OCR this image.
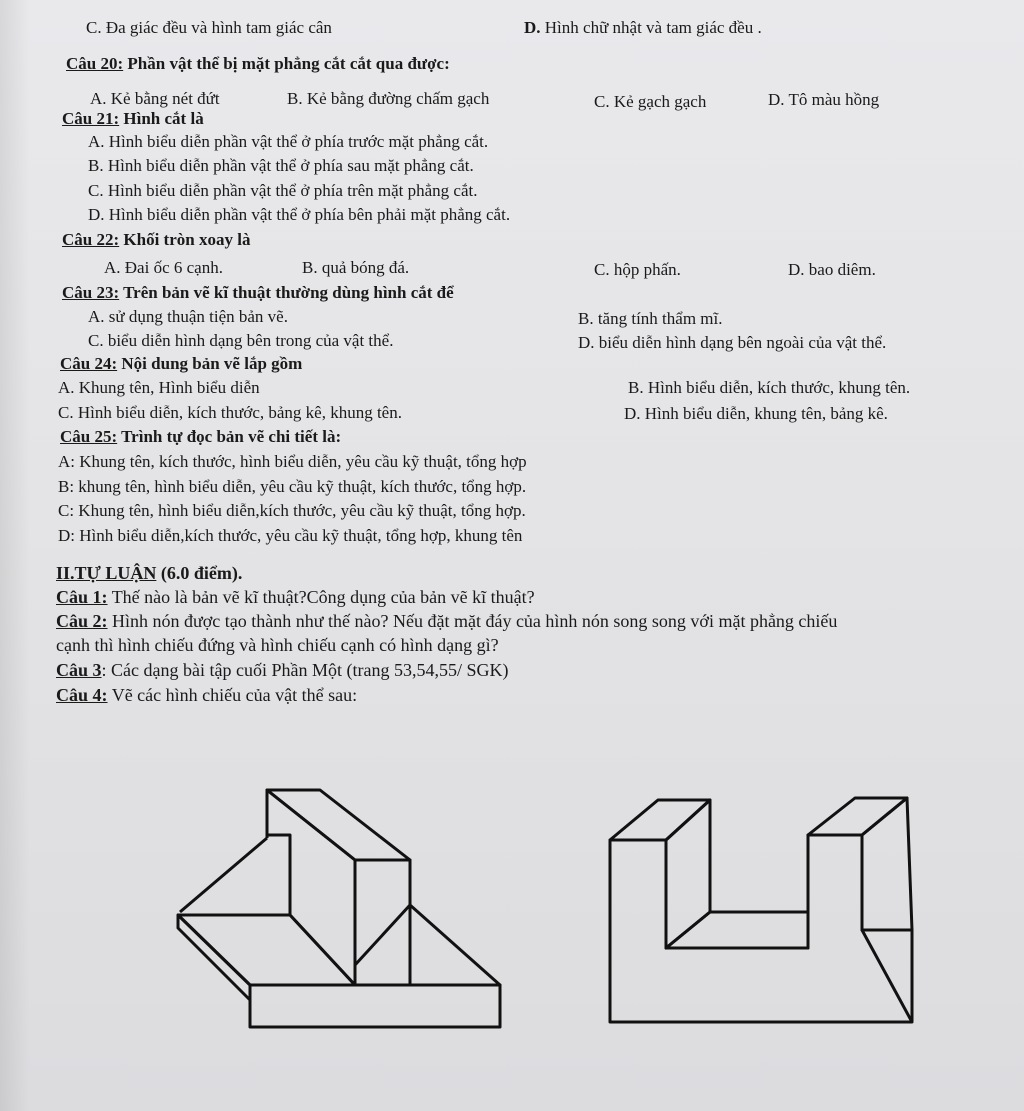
C. Đa giác đều và hình tam giác cân	D. Hình chữ nhật và tam giác đều .
Câu 20: Phần vật thể bị mặt phẳng cắt cắt qua được:
A. Kẻ bằng nét đứt	B. Kẻ bằng đường chấm gạch	C. Kẻ gạch gạch	D. Tô màu hồng
Câu 21: Hình cắt là
A. Hình biểu diễn phần vật thể ở phía trước mặt phẳng cắt.
B. Hình biểu diễn phần vật thể ở phía sau mặt phẳng cắt.
C. Hình biểu diễn phần vật thể ở phía trên mặt phẳng cắt.
D. Hình biểu diễn phần vật thể ở phía bên phải mặt phẳng cắt.
Câu 22: Khối tròn xoay là
A. Đai ốc 6 cạnh.	B. quả bóng đá.	C. hộp phấn.	D. bao diêm.
Câu 23: Trên bản vẽ kĩ thuật thường dùng hình cắt để
A. sử dụng thuận tiện bản vẽ.	B. tăng tính thẩm mĩ.
C. biểu diễn hình dạng bên trong của vật thể.	D. biểu diễn hình dạng bên ngoài của vật thể.
Câu 24: Nội dung bản vẽ lắp gồm
A. Khung tên, Hình biểu diễn	B. Hình biểu diễn, kích thước, khung tên.
C. Hình biểu diễn, kích thước, bảng kê, khung tên.	D. Hình biểu diễn, khung tên, bảng kê.
Câu 25: Trình tự đọc bản vẽ chi tiết là:
A: Khung tên, kích thước, hình biểu diễn, yêu cầu kỹ thuật, tổng hợp
B: khung tên, hình biểu diễn, yêu cầu kỹ thuật, kích thước, tổng hợp.
C: Khung tên, hình biểu diễn,kích thước, yêu cầu kỹ thuật, tổng hợp.
D: Hình biểu diễn,kích thước, yêu cầu kỹ thuật, tổng hợp, khung tên
II.TỰ LUẬN (6.0 điểm).
Câu 1: Thế nào là bản vẽ kĩ thuật?Công dụng của bản vẽ kĩ thuật?
Câu 2: Hình nón được tạo thành như thế nào? Nếu đặt mặt đáy của hình nón song song với mặt phẳng chiếu
cạnh thì hình chiếu đứng và hình chiếu cạnh có hình dạng gì?
Câu 3: Các dạng bài tập cuối Phần Một (trang 53,54,55/ SGK)
Câu 4: Vẽ các hình chiếu của vật thể sau:
